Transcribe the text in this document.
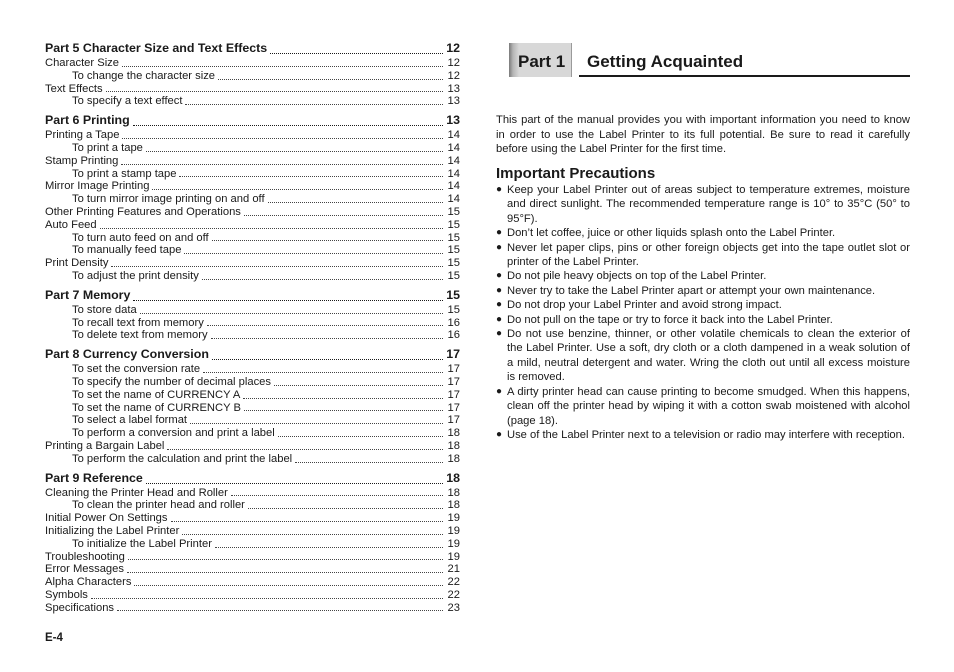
Part 5 Character Size and Text Effects	12
Character Size	12
To change the character size	12
Text Effects	13
To specify a text effect	13
Part 6 Printing	13
Printing a Tape	14
To print a tape	14
Stamp Printing	14
To print a stamp tape	14
Mirror Image Printing	14
To turn mirror image printing on and off	14
Other Printing Features and Operations	15
Auto Feed	15
To turn auto feed on and off	15
To manually feed tape	15
Print Density	15
To adjust the print density	15
Part 7 Memory	15
To store data	15
To recall text from memory	16
To delete text from memory	16
Part 8 Currency Conversion	17
To set the conversion rate	17
To specify the number of decimal places	17
To set the name of CURRENCY A	17
To set the name of CURRENCY B	17
To select a label format	17
To perform a conversion and print a label	18
Printing a Bargain Label	18
To perform the calculation and print the label	18
Part 9 Reference	18
Cleaning the Printer Head and Roller	18
To clean the printer head and roller	18
Initial Power On Settings	19
Initializing the Label Printer	19
To initialize the Label Printer	19
Troubleshooting	19
Error Messages	21
Alpha Characters	22
Symbols	22
Specifications	23
E-4
Part 1 Getting Acquainted

This part of the manual provides you with important information you need to know in order to use the Label Printer to its full potential. Be sure to read it carefully before using the Label Printer for the first time.

Important Precautions
● Keep your Label Printer out of areas subject to temperature extremes, moisture and direct sunlight. The recommended temperature range is 10° to 35°C (50° to 95°F).
● Don’t let coffee, juice or other liquids splash onto the Label Printer.
● Never let paper clips, pins or other foreign objects get into the tape outlet slot or printer of the Label Printer.
● Do not pile heavy objects on top of the Label Printer.
● Never try to take the Label Printer apart or attempt your own maintenance.
● Do not drop your Label Printer and avoid strong impact.
● Do not pull on the tape or try to force it back into the Label Printer.
● Do not use benzine, thinner, or other volatile chemicals to clean the exterior of the Label Printer. Use a soft, dry cloth or a cloth dampened in a weak solution of a mild, neutral detergent and water. Wring the cloth out until all excess moisture is removed.
● A dirty printer head can cause printing to become smudged. When this happens, clean off the printer head by wiping it with a cotton swab moistened with alcohol (page 18).
● Use of the Label Printer next to a television or radio may interfere with reception.
